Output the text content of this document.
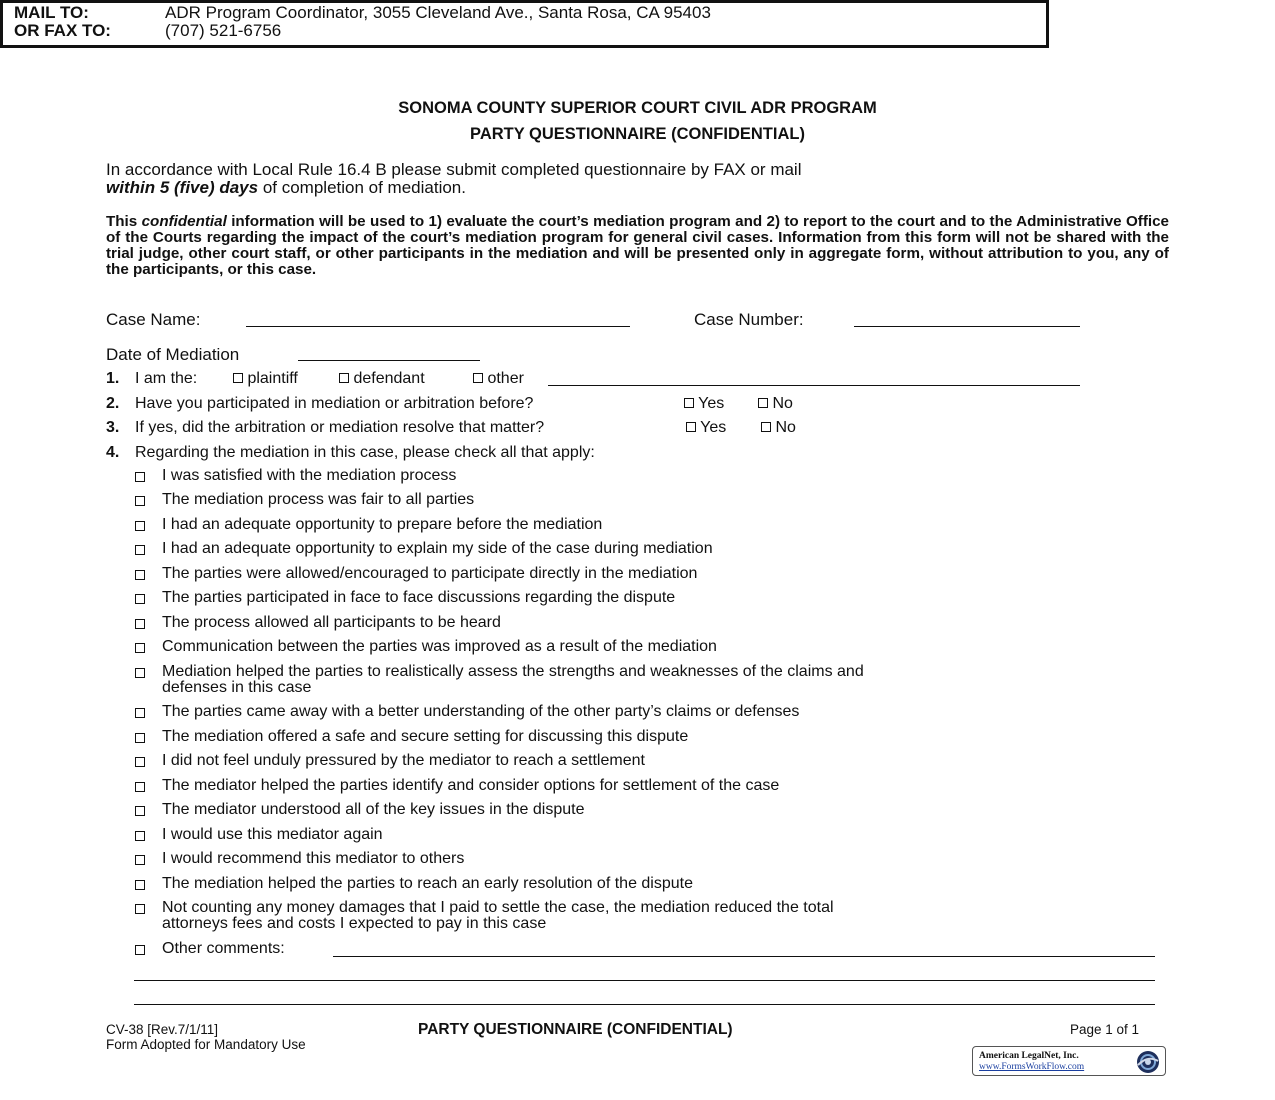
MAIL TO:	ADR Program Coordinator, 3055 Cleveland Ave., Santa Rosa, CA 95403
OR FAX TO:	(707) 521-6756
SONOMA COUNTY SUPERIOR COURT CIVIL ADR PROGRAM
PARTY QUESTIONNAIRE (CONFIDENTIAL)
In accordance with Local Rule 16.4 B please submit completed questionnaire by FAX or mail
within 5 (five) days of completion of mediation.
This confidential information will be used to 1) evaluate the court’s mediation program and 2) to report to the court and to the Administrative Office of the Courts regarding the impact of the court’s mediation program for general civil cases. Information from this form will not be shared with the trial judge, other court staff, or other participants in the mediation and will be presented only in aggregate form, without attribution to you, any of the participants, or this case.
Case Name:	Case Number:
Date of Mediation
1. I am the:	plaintiff	defendant	other
2. Have you participated in mediation or arbitration before?	Yes	No
3. If yes, did the arbitration or mediation resolve that matter?	Yes	No
4. Regarding the mediation in this case, please check all that apply:
I was satisfied with the mediation process
The mediation process was fair to all parties
I had an adequate opportunity to prepare before the mediation
I had an adequate opportunity to explain my side of the case during mediation
The parties were allowed/encouraged to participate directly in the mediation
The parties participated in face to face discussions regarding the dispute
The process allowed all participants to be heard
Communication between the parties was improved as a result of the mediation
Mediation helped the parties to realistically assess the strengths and weaknesses of the claims and
defenses in this case
The parties came away with a better understanding of the other party’s claims or defenses
The mediation offered a safe and secure setting for discussing this dispute
I did not feel unduly pressured by the mediator to reach a settlement
The mediator helped the parties identify and consider options for settlement of the case
The mediator understood all of the key issues in the dispute
I would use this mediator again
I would recommend this mediator to others
The mediation helped the parties to reach an early resolution of the dispute
Not counting any money damages that I paid to settle the case, the mediation reduced the total
attorneys fees and costs I expected to pay in this case
Other comments:
CV-38 [Rev.7/1/11]
Form Adopted for Mandatory Use
PARTY QUESTIONNAIRE (CONFIDENTIAL)	Page 1 of 1
American LegalNet, Inc.
www.FormsWorkFlow.com
